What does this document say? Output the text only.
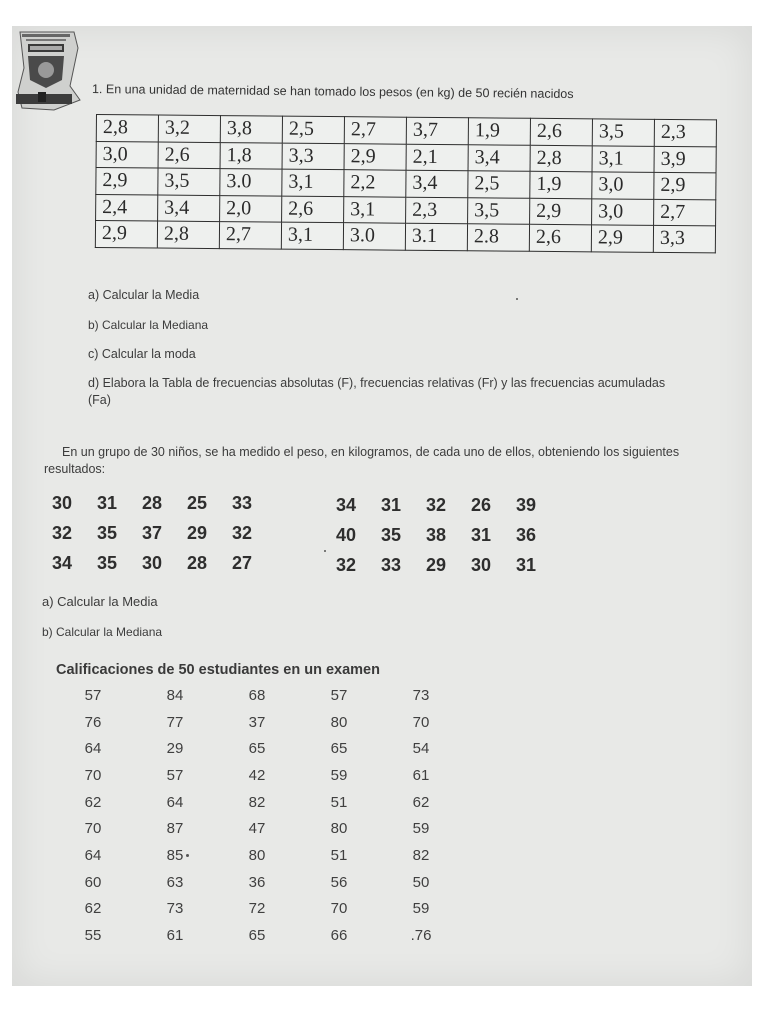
1. En una unidad de maternidad se han tomado los pesos (en kg) de 50 recién nacidos
2,8	3,2	3,8	2,5	2,7	3,7	1,9	2,6	3,5	2,3
3,0	2,6	1,8	3,3	2,9	2,1	3,4	2,8	3,1	3,9
2,9	3,5	3.0	3,1	2,2	3,4	2,5	1,9	3,0	2,9
2,4	3,4	2,0	2,6	3,1	2,3	3,5	2,9	3,0	2,7
2,9	2,8	2,7	3,1	3.0	3.1	2.8	2,6	2,9	3,3
a) Calcular la Media
b) Calcular la Mediana
c) Calcular la moda
d) Elabora la Tabla de frecuencias absolutas (F), frecuencias relativas (Fr) y las frecuencias acumuladas (Fa)
En un grupo de 30 niños, se ha medido el peso, en kilogramos, de cada uno de ellos, obteniendo los siguientes resultados:
30	31	28	25	33
32	35	37	29	32
34	35	30	28	27
34	31	32	26	39
40	35	38	31	36
32	33	29	30	31
a) Calcular la Media
b) Calcular la Mediana
Calificaciones de 50 estudiantes en un examen
57	84	68	57	73
76	77	37	80	70
64	29	65	65	54
70	57	42	59	61
62	64	82	51	62
70	87	47	80	59
64	85	80	51	82
60	63	36	56	50
62	73	72	70	59
55	61	65	66	.76
